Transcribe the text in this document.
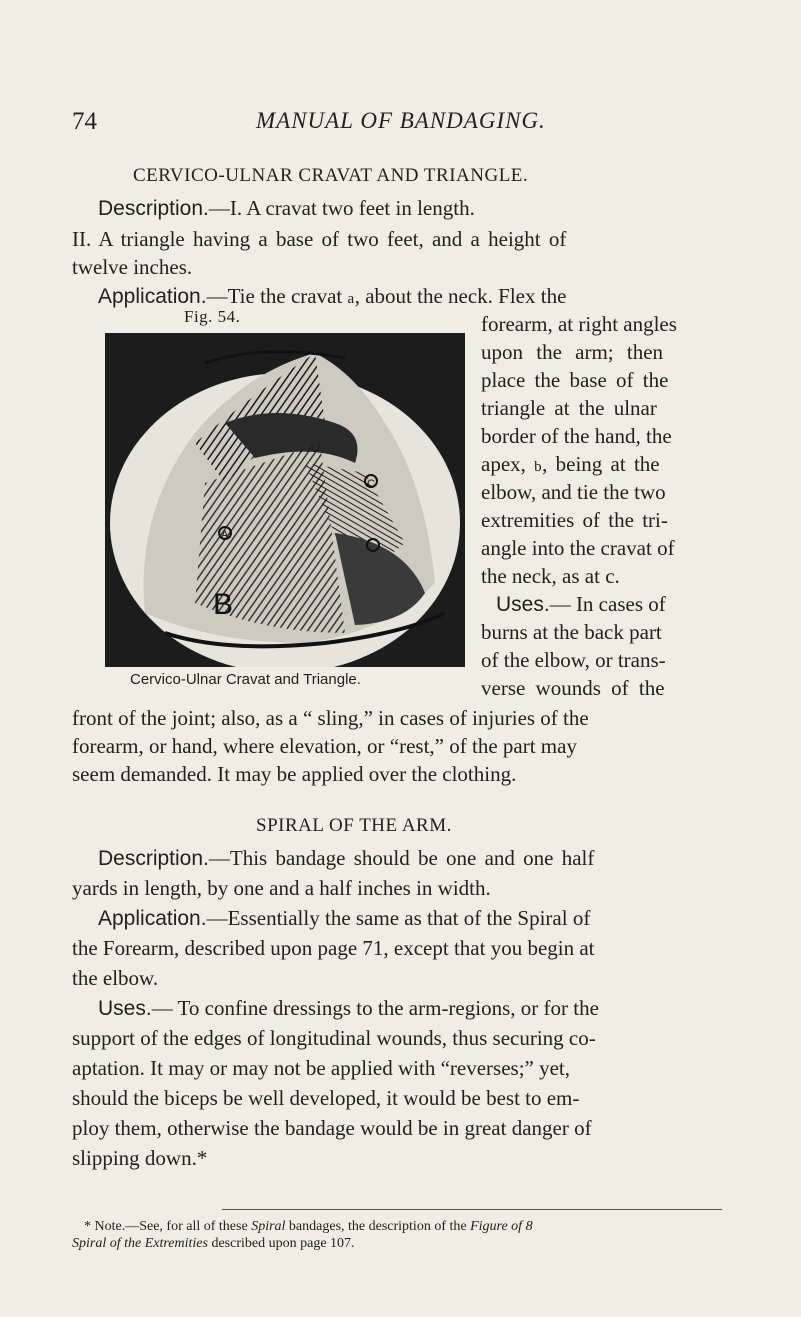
74	MANUAL OF BANDAGING.
CERVICO-ULNAR CRAVAT AND TRIANGLE.
Description.—I. A cravat two feet in length.
II. A triangle having a base of two feet, and a height of
twelve inches.
Application.—Tie the cravat a, about the neck. Flex the
Fig. 54.
B
C
A
Cervico-Ulnar Cravat and Triangle.
forearm, at right angles
upon the arm; then
place the base of the
triangle at the ulnar
border of the hand, the
apex, b, being at the
elbow, and tie the two
extremities of the tri-
angle into the cravat of
the neck, as at c.
Uses.— In cases of
burns at the back part
of the elbow, or trans-
verse wounds of the
front of the joint; also, as a “ sling,” in cases of injuries of the
forearm, or hand, where elevation, or “rest,” of the part may
seem demanded. It may be applied over the clothing.
SPIRAL OF THE ARM.
Description.—This bandage should be one and one half
yards in length, by one and a half inches in width.
Application.—Essentially the same as that of the Spiral of
the Forearm, described upon page 71, except that you begin at
the elbow.
Uses.— To confine dressings to the arm-regions, or for the
support of the edges of longitudinal wounds, thus securing co-
aptation. It may or may not be applied with “reverses;” yet,
should the biceps be well developed, it would be best to em-
ploy them, otherwise the bandage would be in great danger of
slipping down.*
* Note.—See, for all of these Spiral bandages, the description of the Figure of 8
Spiral of the Extremities described upon page 107.
